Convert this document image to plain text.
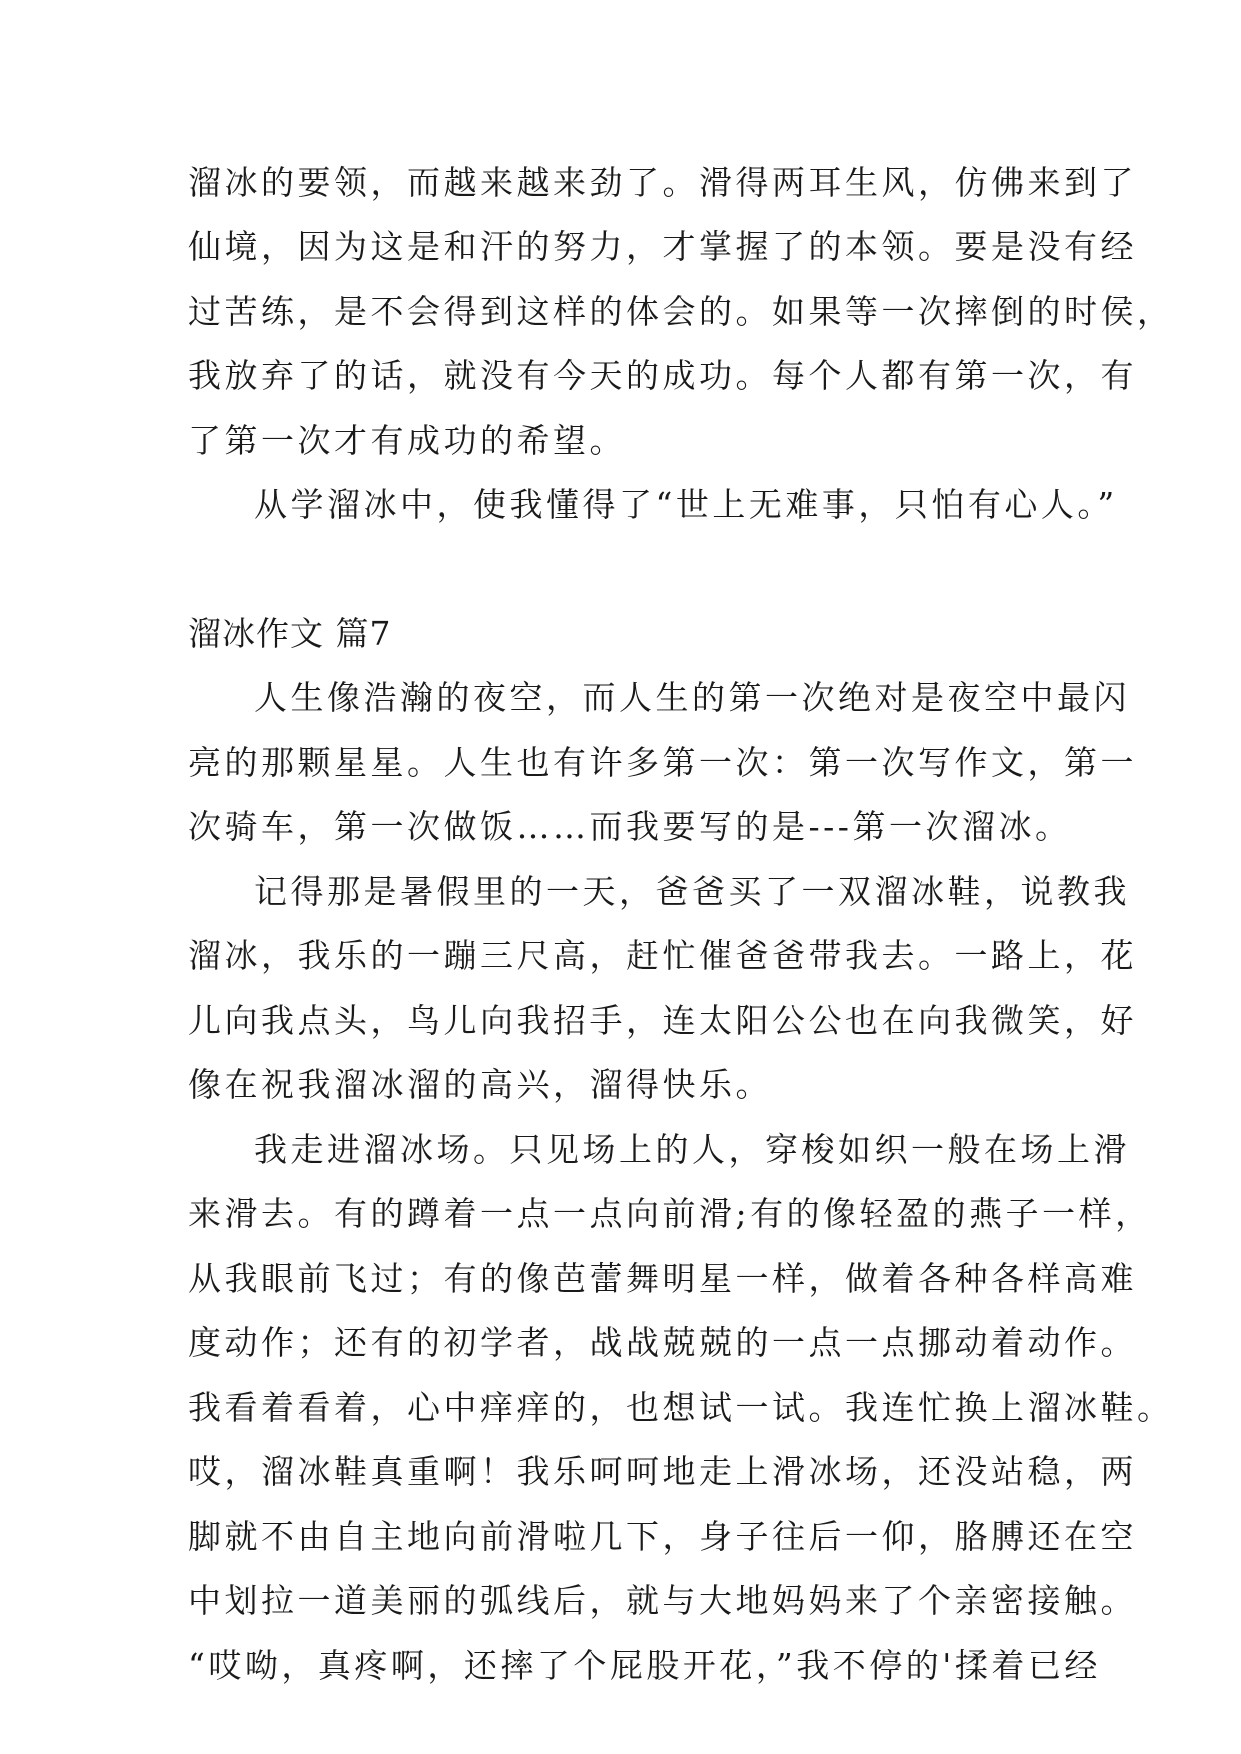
溜冰的要领，而越来越来劲了。滑得两耳生风，仿佛来到了
仙境，因为这是和汗的努力，才掌握了的本领。要是没有经
过苦练，是不会得到这样的体会的。如果等一次摔倒的时侯，
我放弃了的话，就没有今天的成功。每个人都有第一次，有
了第一次才有成功的希望。
从学溜冰中，使我懂得了“世上无难事，只怕有心人。”
溜冰作文 篇7
人生像浩瀚的夜空，而人生的第一次绝对是夜空中最闪
亮的那颗星星。人生也有许多第一次：第一次写作文，第一
次骑车，第一次做饭……而我要写的是---第一次溜冰。
记得那是暑假里的一天，爸爸买了一双溜冰鞋，说教我
溜冰，我乐的一蹦三尺高，赶忙催爸爸带我去。一路上，花
儿向我点头，鸟儿向我招手，连太阳公公也在向我微笑，好
像在祝我溜冰溜的高兴，溜得快乐。
我走进溜冰场。只见场上的人，穿梭如织一般在场上滑
来滑去。有的蹲着一点一点向前滑;有的像轻盈的燕子一样，
从我眼前飞过；有的像芭蕾舞明星一样，做着各种各样高难
度动作；还有的初学者，战战兢兢的一点一点挪动着动作。
我看着看着，心中痒痒的，也想试一试。我连忙换上溜冰鞋。
哎，溜冰鞋真重啊！我乐呵呵地走上滑冰场，还没站稳，两
脚就不由自主地向前滑啦几下，身子往后一仰，胳膊还在空
中划拉一道美丽的弧线后，就与大地妈妈来了个亲密接触。
“哎呦，真疼啊，还摔了个屁股开花，”我不停的'揉着已经
